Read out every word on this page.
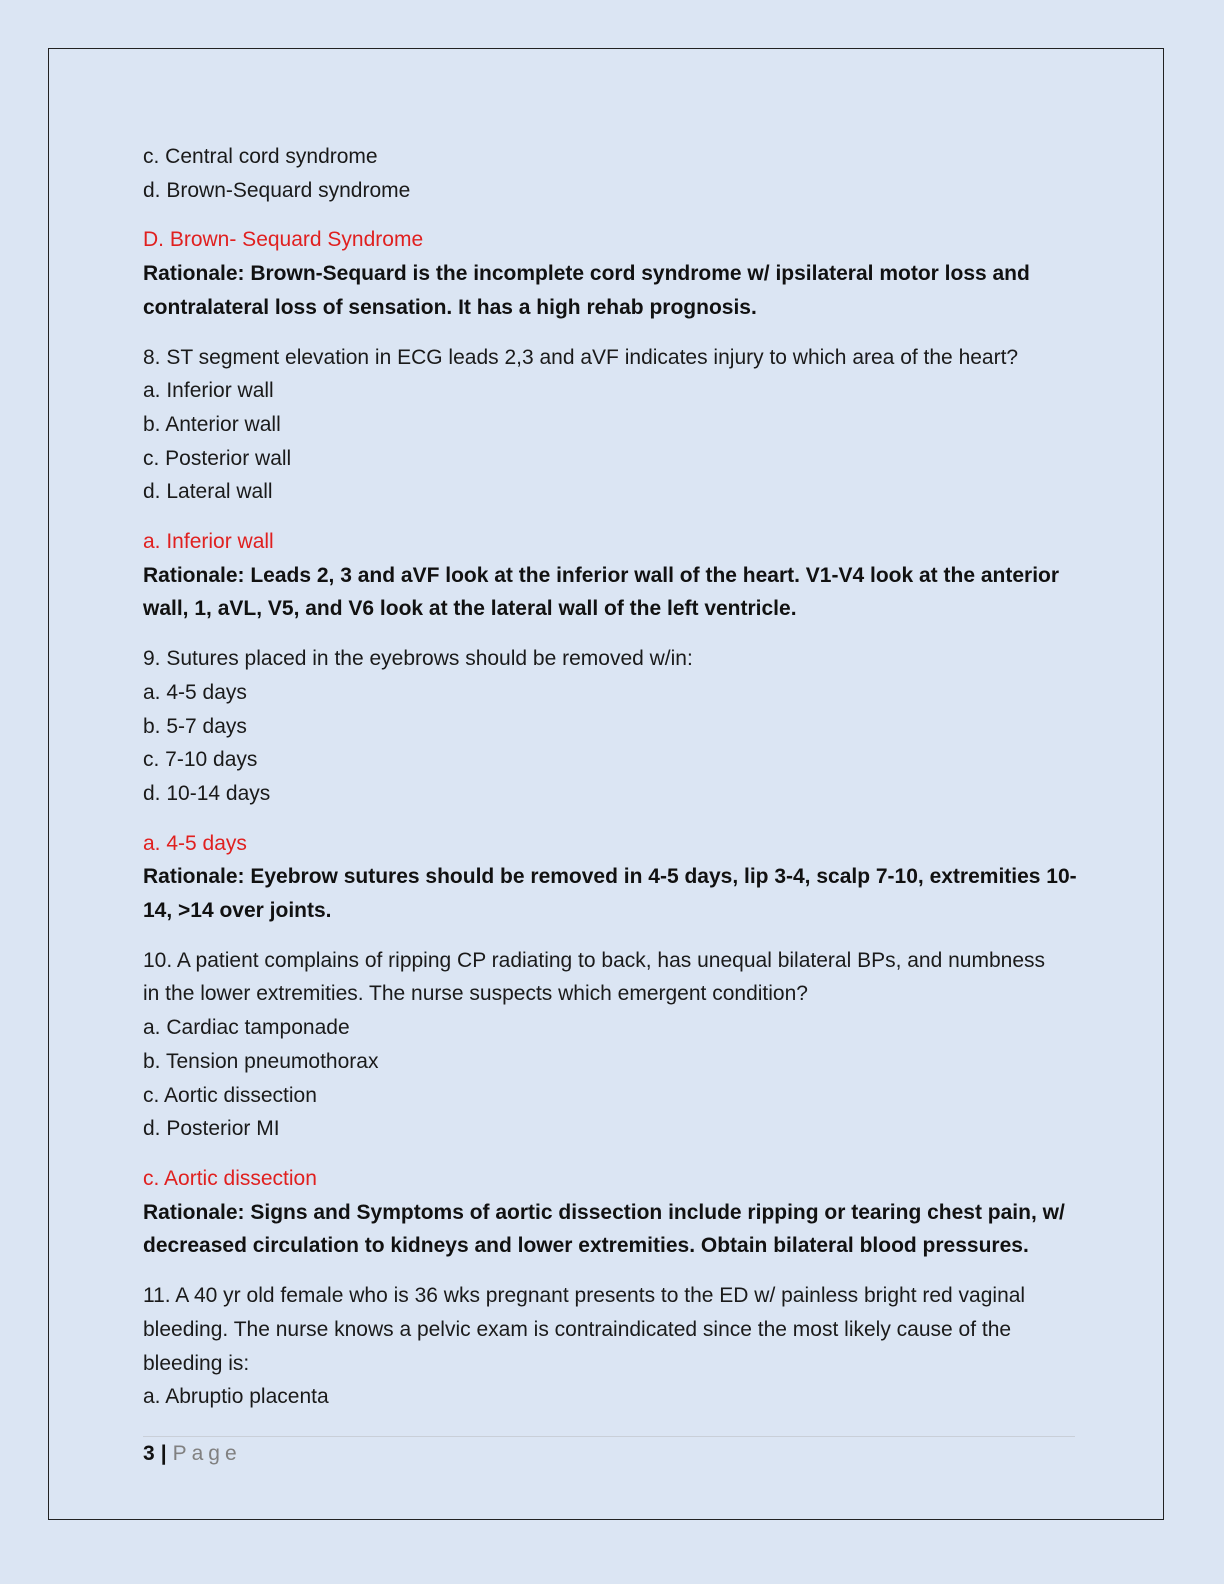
c. Central cord syndrome
d. Brown-Sequard syndrome
D. Brown- Sequard Syndrome
Rationale: Brown-Sequard is the incomplete cord syndrome w/ ipsilateral motor loss and
contralateral loss of sensation. It has a high rehab prognosis.
8. ST segment elevation in ECG leads 2,3 and aVF indicates injury to which area of the heart?
a. Inferior wall
b. Anterior wall
c. Posterior wall
d. Lateral wall
a. Inferior wall
Rationale: Leads 2, 3 and aVF look at the inferior wall of the heart. V1-V4 look at the anterior
wall, 1, aVL, V5, and V6 look at the lateral wall of the left ventricle.
9. Sutures placed in the eyebrows should be removed w/in:
a. 4-5 days
b. 5-7 days
c. 7-10 days
d. 10-14 days
a. 4-5 days
Rationale: Eyebrow sutures should be removed in 4-5 days, lip 3-4, scalp 7-10, extremities 10-
14, >14 over joints.
10. A patient complains of ripping CP radiating to back, has unequal bilateral BPs, and numbness
in the lower extremities. The nurse suspects which emergent condition?
a. Cardiac tamponade
b. Tension pneumothorax
c. Aortic dissection
d. Posterior MI
c. Aortic dissection
Rationale: Signs and Symptoms of aortic dissection include ripping or tearing chest pain, w/
decreased circulation to kidneys and lower extremities. Obtain bilateral blood pressures.
11. A 40 yr old female who is 36 wks pregnant presents to the ED w/ painless bright red vaginal
bleeding. The nurse knows a pelvic exam is contraindicated since the most likely cause of the
bleeding is:
a. Abruptio placenta
3 | Page
